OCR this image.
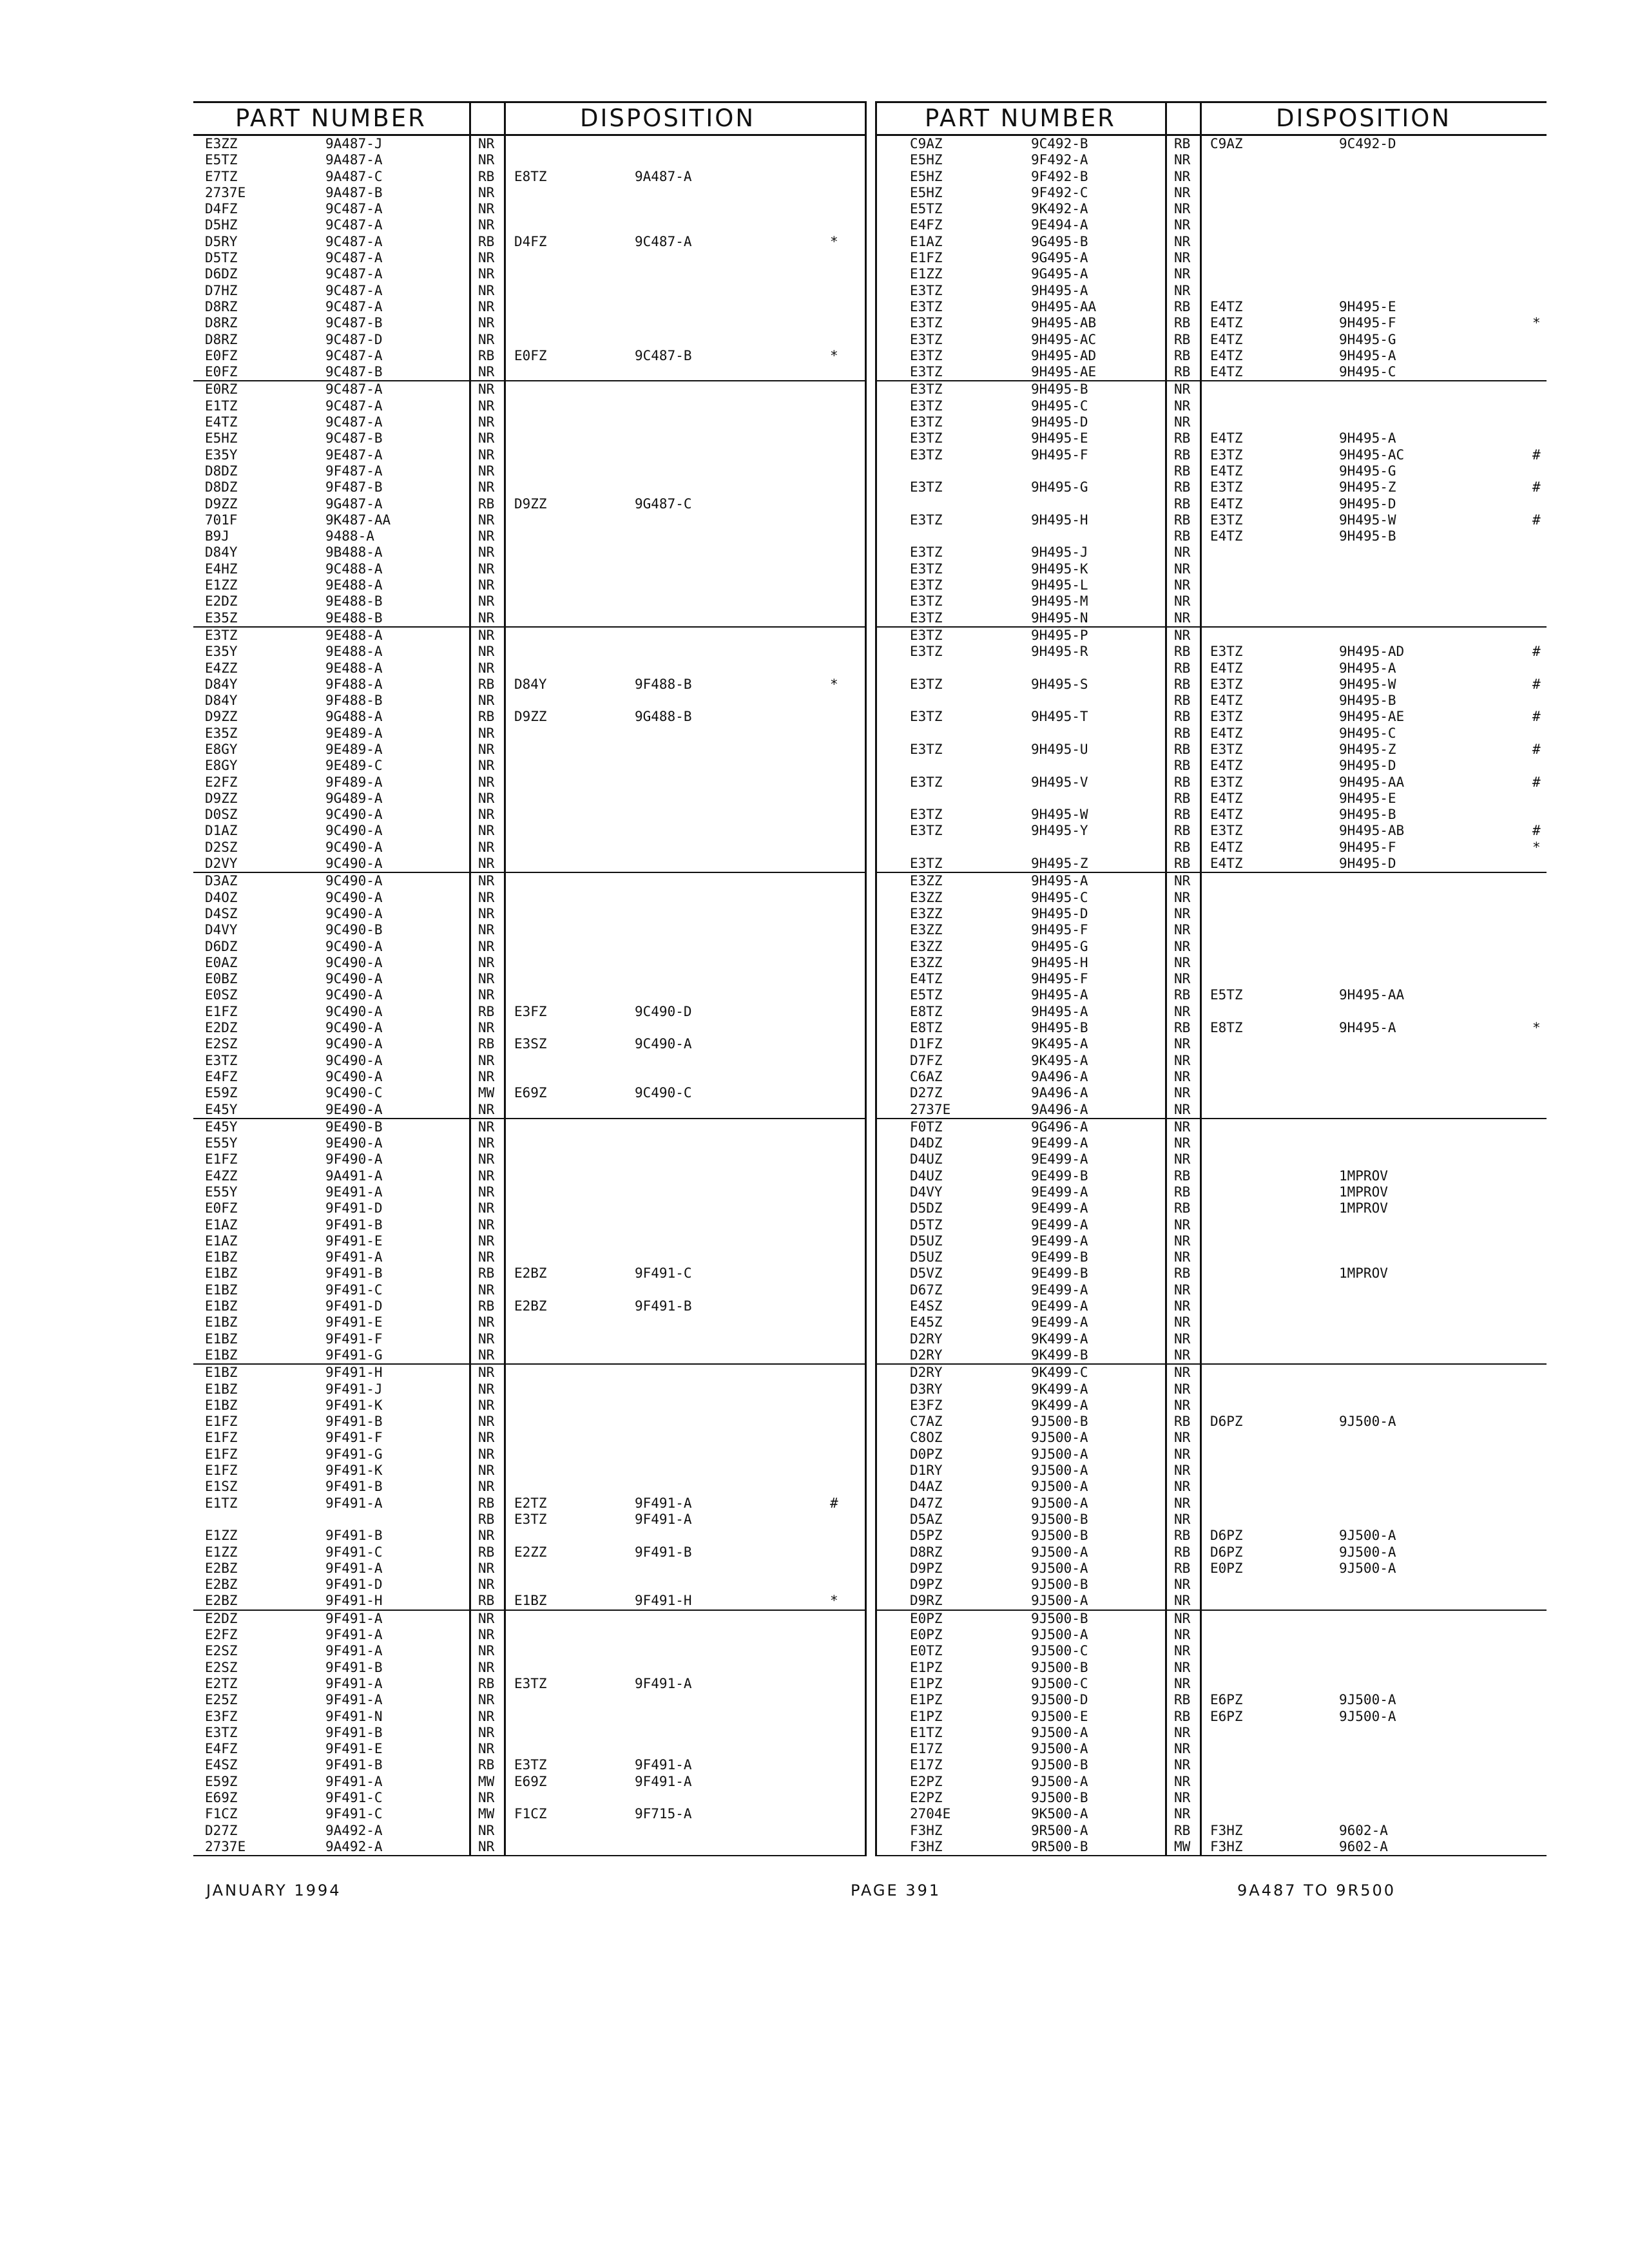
PART NUMBER	DISPOSITION
E3ZZ	9A487-J	NR
E5TZ	9A487-A	NR
E7TZ	9A487-C	RB E8TZ	9A487-A
2737E	9A487-B	NR
D4FZ	9C487-A	NR
D5HZ	9C487-A	NR
D5RY	9C487-A	RB D4FZ	9C487-A	*
D5TZ	9C487-A	NR
D6DZ	9C487-A	NR
D7HZ	9C487-A	NR
D8RZ	9C487-A	NR
D8RZ	9C487-B	NR
D8RZ	9C487-D	NR
E0FZ	9C487-A	RB E0FZ	9C487-B	*
E0FZ	9C487-B	NR
E0RZ	9C487-A	NR
E1TZ	9C487-A	NR
E4TZ	9C487-A	NR
E5HZ	9C487-B	NR
E35Y	9E487-A	NR
D8DZ	9F487-A	NR
D8DZ	9F487-B	NR
D9ZZ	9G487-A	RB D9ZZ	9G487-C
701F	9K487-AA	NR
B9J	9488-A	NR
D84Y	9B488-A	NR
E4HZ	9C488-A	NR
E1ZZ	9E488-A	NR
E2DZ	9E488-B	NR
E35Z	9E488-B	NR
E3TZ	9E488-A	NR
E35Y	9E488-A	NR
E4ZZ	9E488-A	NR
D84Y	9F488-A	RB D84Y	9F488-B	*
D84Y	9F488-B	NR
D9ZZ	9G488-A	RB D9ZZ	9G488-B
E35Z	9E489-A	NR
E8GY	9E489-A	NR
E8GY	9E489-C	NR
E2FZ	9F489-A	NR
D9ZZ	9G489-A	NR
D0SZ	9C490-A	NR
D1AZ	9C490-A	NR
D2SZ	9C490-A	NR
D2VY	9C490-A	NR
D3AZ	9C490-A	NR
D4OZ	9C490-A	NR
D4SZ	9C490-A	NR
D4VY	9C490-B	NR
D6DZ	9C490-A	NR
E0AZ	9C490-A	NR
E0BZ	9C490-A	NR
E0SZ	9C490-A	NR
E1FZ	9C490-A	RB E3FZ	9C490-D
E2DZ	9C490-A	NR
E2SZ	9C490-A	RB E3SZ	9C490-A
E3TZ	9C490-A	NR
E4FZ	9C490-A	NR
E59Z	9C490-C	MW E69Z	9C490-C
E45Y	9E490-A	NR
E45Y	9E490-B	NR
E55Y	9E490-A	NR
E1FZ	9F490-A	NR
E4ZZ	9A491-A	NR
E55Y	9E491-A	NR
E0FZ	9F491-D	NR
E1AZ	9F491-B	NR
E1AZ	9F491-E	NR
E1BZ	9F491-A	NR
E1BZ	9F491-B	RB E2BZ	9F491-C
E1BZ	9F491-C	NR
E1BZ	9F491-D	RB E2BZ	9F491-B
E1BZ	9F491-E	NR
E1BZ	9F491-F	NR
E1BZ	9F491-G	NR
E1BZ	9F491-H	NR
E1BZ	9F491-J	NR
E1BZ	9F491-K	NR
E1FZ	9F491-B	NR
E1FZ	9F491-F	NR
E1FZ	9F491-G	NR
E1FZ	9F491-K	NR
E1SZ	9F491-B	NR
E1TZ	9F491-A	RB E2TZ	9F491-A	#
RB E3TZ	9F491-A
E1ZZ	9F491-B	NR
E1ZZ	9F491-C	RB E2ZZ	9F491-B
E2BZ	9F491-A	NR
E2BZ	9F491-D	NR
E2BZ	9F491-H	RB E1BZ	9F491-H	*
E2DZ	9F491-A	NR
E2FZ	9F491-A	NR
E2SZ	9F491-A	NR
E2SZ	9F491-B	NR
E2TZ	9F491-A	RB E3TZ	9F491-A
E25Z	9F491-A	NR
E3FZ	9F491-N	NR
E3TZ	9F491-B	NR
E4FZ	9F491-E	NR
E4SZ	9F491-B	RB E3TZ	9F491-A
E59Z	9F491-A	MW E69Z	9F491-A
E69Z	9F491-C	NR
F1CZ	9F491-C	MW F1CZ	9F715-A
D27Z	9A492-A	NR
2737E	9A492-A	NR
PART NUMBER	DISPOSITION
C9AZ	9C492-B	RB C9AZ	9C492-D
E5HZ	9F492-A	NR
E5HZ	9F492-B	NR
E5HZ	9F492-C	NR
E5TZ	9K492-A	NR
E4FZ	9E494-A	NR
E1AZ	9G495-B	NR
E1FZ	9G495-A	NR
E1ZZ	9G495-A	NR
E3TZ	9H495-A	NR
E3TZ	9H495-AA	RB E4TZ	9H495-E
E3TZ	9H495-AB	RB E4TZ	9H495-F	*
E3TZ	9H495-AC	RB E4TZ	9H495-G
E3TZ	9H495-AD	RB E4TZ	9H495-A
E3TZ	9H495-AE	RB E4TZ	9H495-C
E3TZ	9H495-B	NR
E3TZ	9H495-C	NR
E3TZ	9H495-D	NR
E3TZ	9H495-E	RB E4TZ	9H495-A
E3TZ	9H495-F	RB E3TZ	9H495-AC	#
RB E4TZ	9H495-G
E3TZ	9H495-G	RB E3TZ	9H495-Z	#
RB E4TZ	9H495-D
E3TZ	9H495-H	RB E3TZ	9H495-W	#
RB E4TZ	9H495-B
E3TZ	9H495-J	NR
E3TZ	9H495-K	NR
E3TZ	9H495-L	NR
E3TZ	9H495-M	NR
E3TZ	9H495-N	NR
E3TZ	9H495-P	NR
E3TZ	9H495-R	RB E3TZ	9H495-AD	#
RB E4TZ	9H495-A
E3TZ	9H495-S	RB E3TZ	9H495-W	#
RB E4TZ	9H495-B
E3TZ	9H495-T	RB E3TZ	9H495-AE	#
RB E4TZ	9H495-C
E3TZ	9H495-U	RB E3TZ	9H495-Z	#
RB E4TZ	9H495-D
E3TZ	9H495-V	RB E3TZ	9H495-AA	#
RB E4TZ	9H495-E
E3TZ	9H495-W	RB E4TZ	9H495-B
E3TZ	9H495-Y	RB E3TZ	9H495-AB	#
RB E4TZ	9H495-F	*
E3TZ	9H495-Z	RB E4TZ	9H495-D
E3ZZ	9H495-A	NR
E3ZZ	9H495-C	NR
E3ZZ	9H495-D	NR
E3ZZ	9H495-F	NR
E3ZZ	9H495-G	NR
E3ZZ	9H495-H	NR
E4TZ	9H495-F	NR
E5TZ	9H495-A	RB E5TZ	9H495-AA
E8TZ	9H495-A	NR
E8TZ	9H495-B	RB E8TZ	9H495-A	*
D1FZ	9K495-A	NR
D7FZ	9K495-A	NR
C6AZ	9A496-A	NR
D27Z	9A496-A	NR
2737E	9A496-A	NR
F0TZ	9G496-A	NR
D4DZ	9E499-A	NR
D4UZ	9E499-A	NR
D4UZ	9E499-B	RB	1MPROV
D4VY	9E499-A	RB	1MPROV
D5DZ	9E499-A	RB	1MPROV
D5TZ	9E499-A	NR
D5UZ	9E499-A	NR
D5UZ	9E499-B	NR
D5VZ	9E499-B	RB	1MPROV
D67Z	9E499-A	NR
E4SZ	9E499-A	NR
E45Z	9E499-A	NR
D2RY	9K499-A	NR
D2RY	9K499-B	NR
D2RY	9K499-C	NR
D3RY	9K499-A	NR
E3FZ	9K499-A	NR
C7AZ	9J500-B	RB D6PZ	9J500-A
C8OZ	9J500-A	NR
D0PZ	9J500-A	NR
D1RY	9J500-A	NR
D4AZ	9J500-A	NR
D47Z	9J500-A	NR
D5AZ	9J500-B	NR
D5PZ	9J500-B	RB D6PZ	9J500-A
D8RZ	9J500-A	RB D6PZ	9J500-A
D9PZ	9J500-A	RB E0PZ	9J500-A
D9PZ	9J500-B	NR
D9RZ	9J500-A	NR
E0PZ	9J500-B	NR
E0PZ	9J500-A	NR
E0TZ	9J500-C	NR
E1PZ	9J500-B	NR
E1PZ	9J500-C	NR
E1PZ	9J500-D	RB E6PZ	9J500-A
E1PZ	9J500-E	RB E6PZ	9J500-A
E1TZ	9J500-A	NR
E17Z	9J500-A	NR
E17Z	9J500-B	NR
E2PZ	9J500-A	NR
E2PZ	9J500-B	NR
2704E	9K500-A	NR
F3HZ	9R500-A	RB F3HZ	9602-A
F3HZ	9R500-B	MW F3HZ	9602-A
JANUARY 1994	PAGE 391	9A487 TO 9R500
